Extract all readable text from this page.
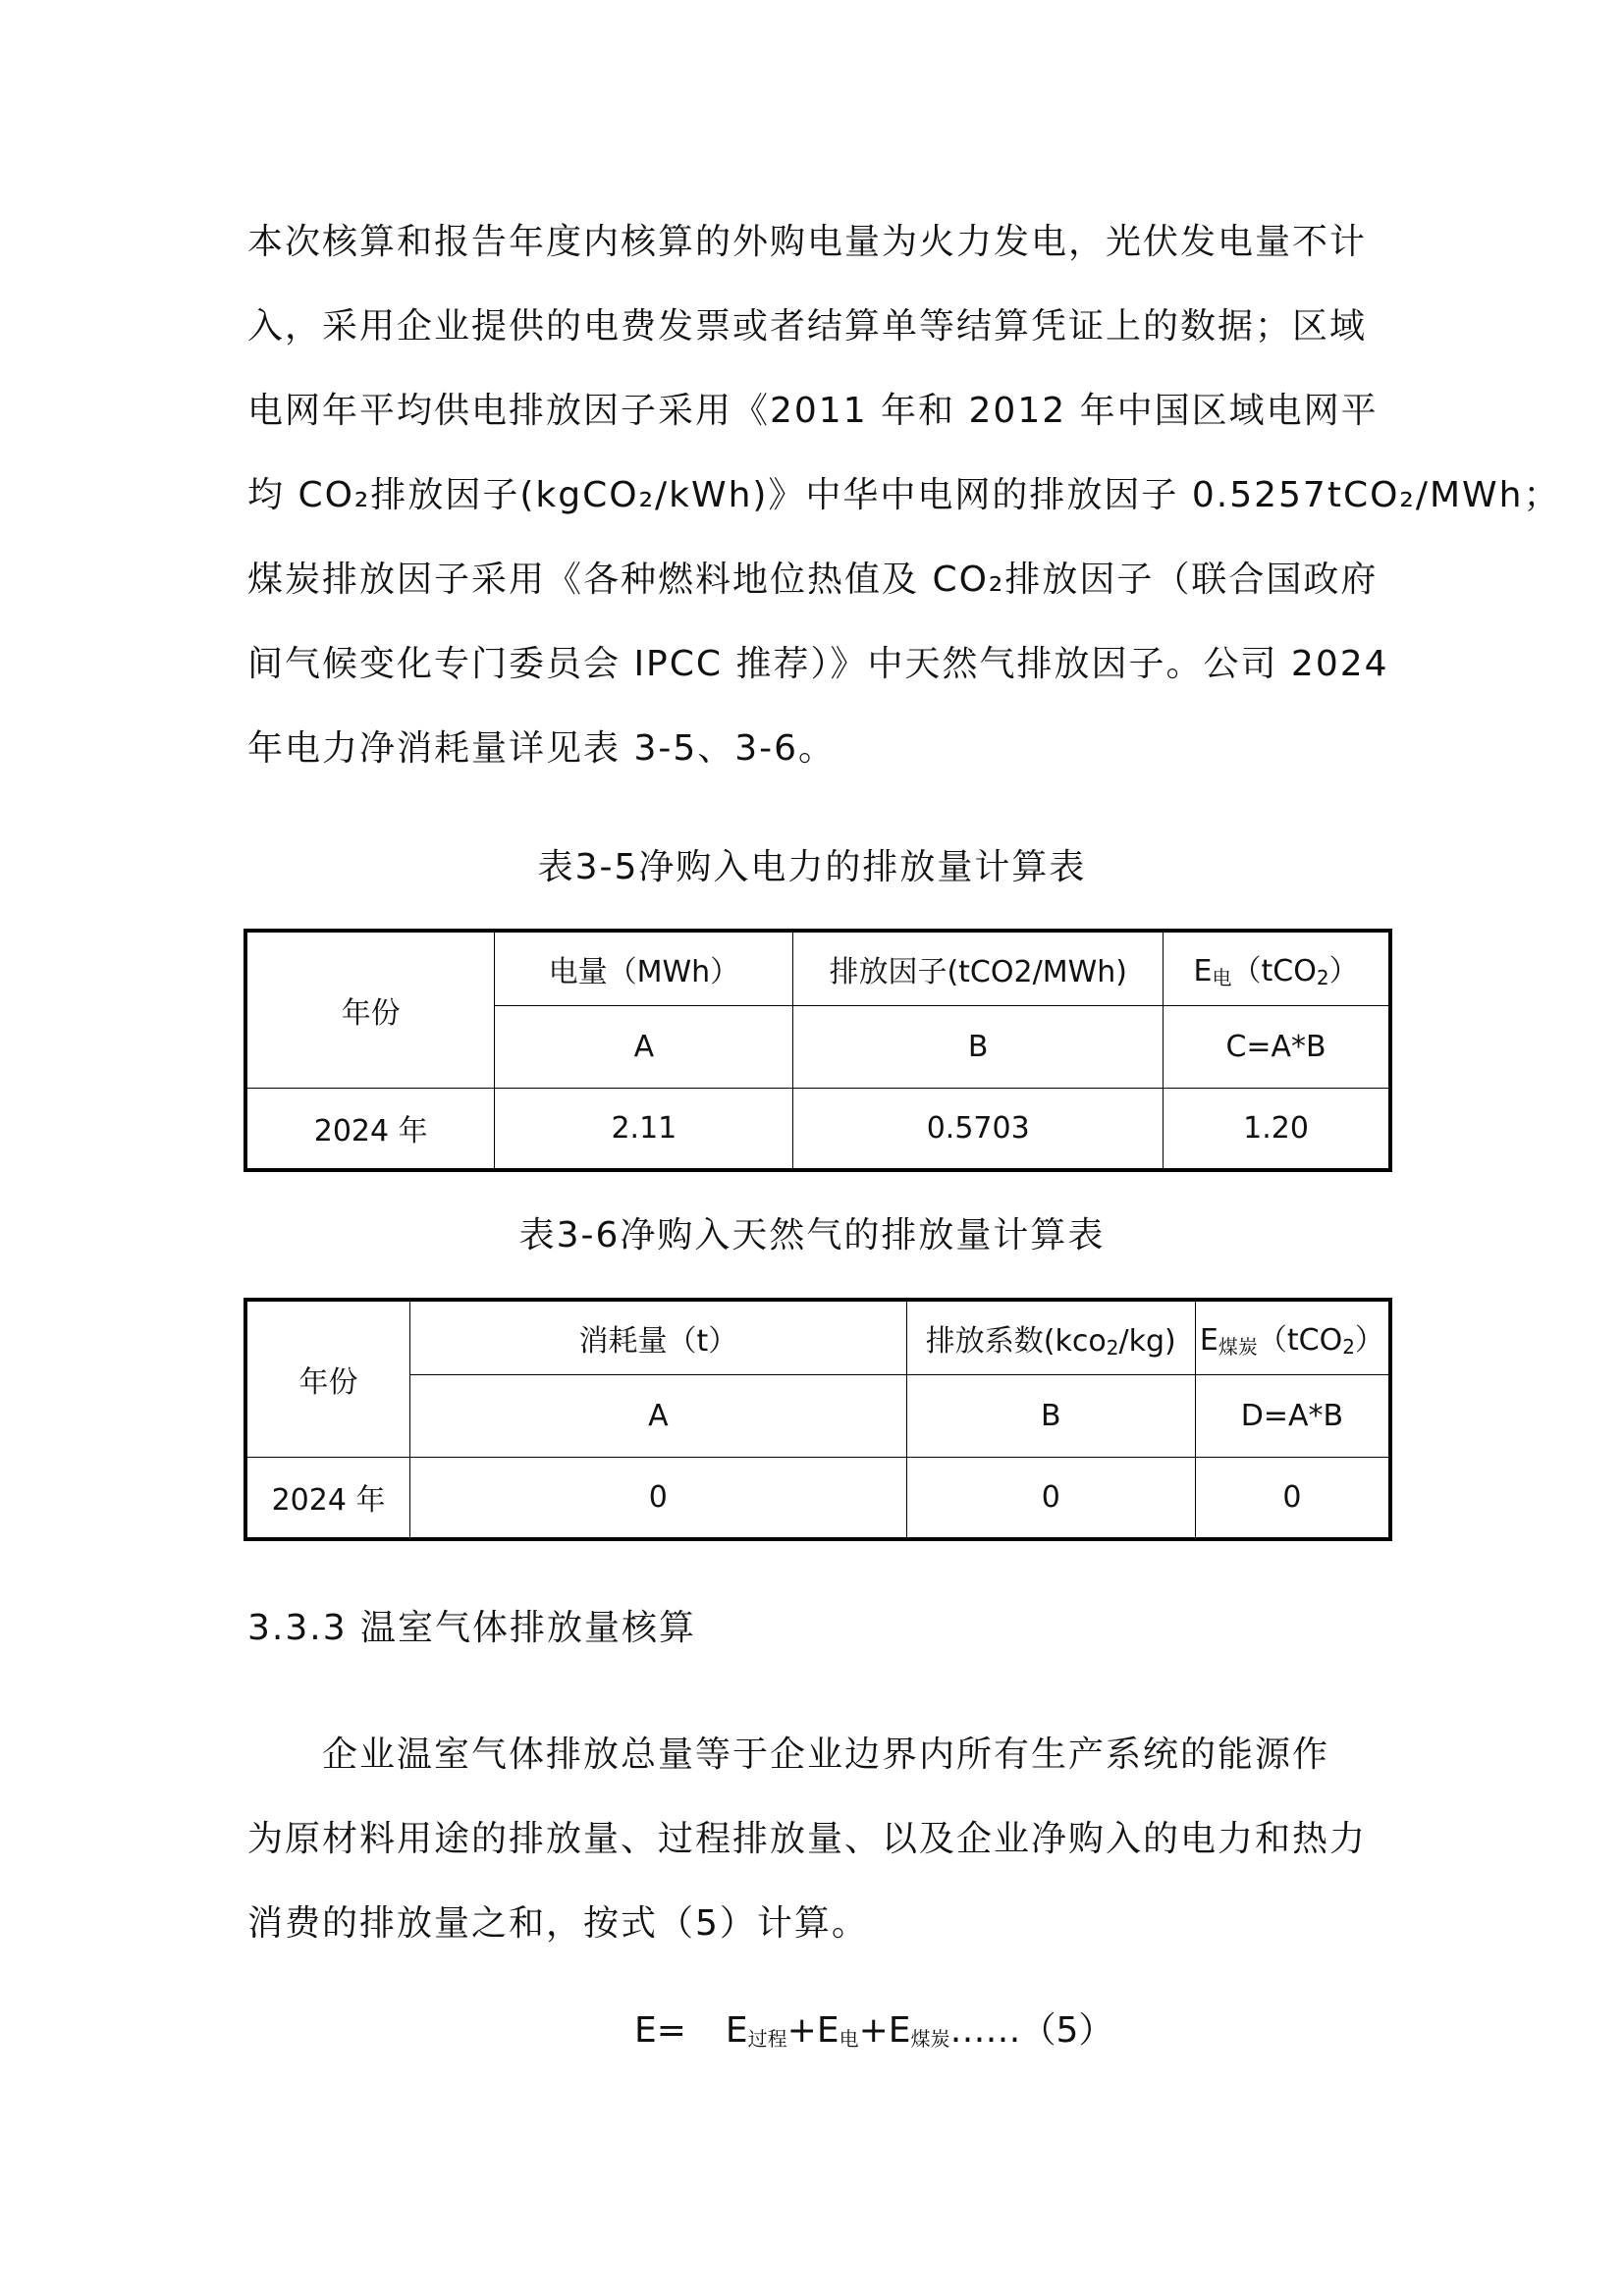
本次核算和报告年度内核算的外购电量为火力发电，光伏发电量不计

入，采用企业提供的电费发票或者结算单等结算凭证上的数据；区域

电网年平均供电排放因子采用《2011 年和 2012 年中国区域电网平

均 CO₂排放因子(kgCO₂/kWh)》中华中电网的排放因子 0.5257tCO₂/MWh；

煤炭排放因子采用《各种燃料地位热值及 CO₂排放因子（联合国政府

间气候变化专门委员会 IPCC 推荐）》中天然气排放因子。公司 2024

年电力净消耗量详见表 3-5、3-6。

表3-5净购入电力的排放量计算表
年份	电量（MWh）	排放因子(tCO2/MWh)	$E_电(tCO_2)$
	A	B	C=A*B
2024 年	2.11	0.5703	1.20
表3-6净购入天然气的排放量计算表
年份	消耗量（t）	排放系数(kco$_2$/kg)	$E_{煤炭}(tCO_2)$
	A	B	D=A*B
2024 年	0	0	0
3.3.3 温室气体排放量核算

企业温室气体排放总量等于企业边界内所有生产系统的能源作

为原材料用途的排放量、过程排放量、以及企业净购入的电力和热力

消费的排放量之和，按式（5）计算。

$E= E_{过程}+E_电+E_{煤炭}\dots\dots(5)$
